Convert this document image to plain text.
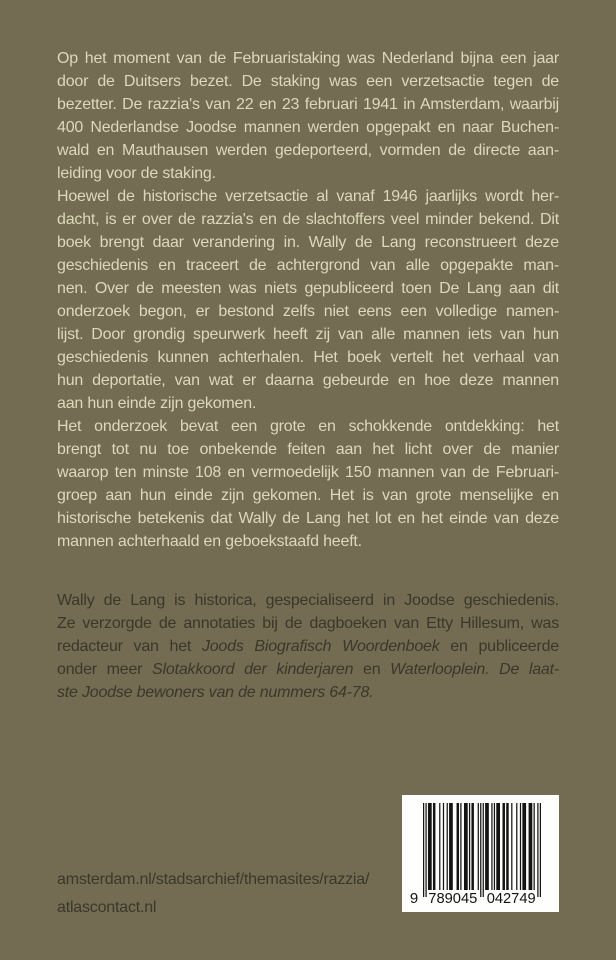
Op het moment van de Februaristaking was Nederland bijna een jaar
door de Duitsers bezet. De staking was een verzetsactie tegen de
bezetter. De razzia's van 22 en 23 februari 1941 in Amsterdam, waarbij
400 Nederlandse Joodse mannen werden opgepakt en naar Buchen-
wald en Mauthausen werden gedeporteerd, vormden de directe aan-
leiding voor de staking.
Hoewel de historische verzetsactie al vanaf 1946 jaarlijks wordt her-
dacht, is er over de razzia's en de slachtoffers veel minder bekend. Dit
boek brengt daar verandering in. Wally de Lang reconstrueert deze
geschiedenis en traceert de achtergrond van alle opgepakte man-
nen. Over de meesten was niets gepubliceerd toen De Lang aan dit
onderzoek begon, er bestond zelfs niet eens een volledige namen-
lijst. Door grondig speurwerk heeft zij van alle mannen iets van hun
geschiedenis kunnen achterhalen. Het boek vertelt het verhaal van
hun deportatie, van wat er daarna gebeurde en hoe deze mannen
aan hun einde zijn gekomen.
Het onderzoek bevat een grote en schokkende ontdekking: het
brengt tot nu toe onbekende feiten aan het licht over de manier
waarop ten minste 108 en vermoedelijk 150 mannen van de Februari-
groep aan hun einde zijn gekomen. Het is van grote menselijke en
historische betekenis dat Wally de Lang het lot en het einde van deze
mannen achterhaald en geboekstaafd heeft.
Wally de Lang is historica, gespecialiseerd in Joodse geschiedenis.
Ze verzorgde de annotaties bij de dagboeken van Etty Hillesum, was
redacteur van het Joods Biografisch Woordenboek en publiceerde
onder meer Slotakkoord der kinderjaren en Waterlooplein. De laat-
ste Joodse bewoners van de nummers 64-78.
amsterdam.nl/stadsarchief/themasites/razzia/
atlascontact.nl
9 789045 042749
